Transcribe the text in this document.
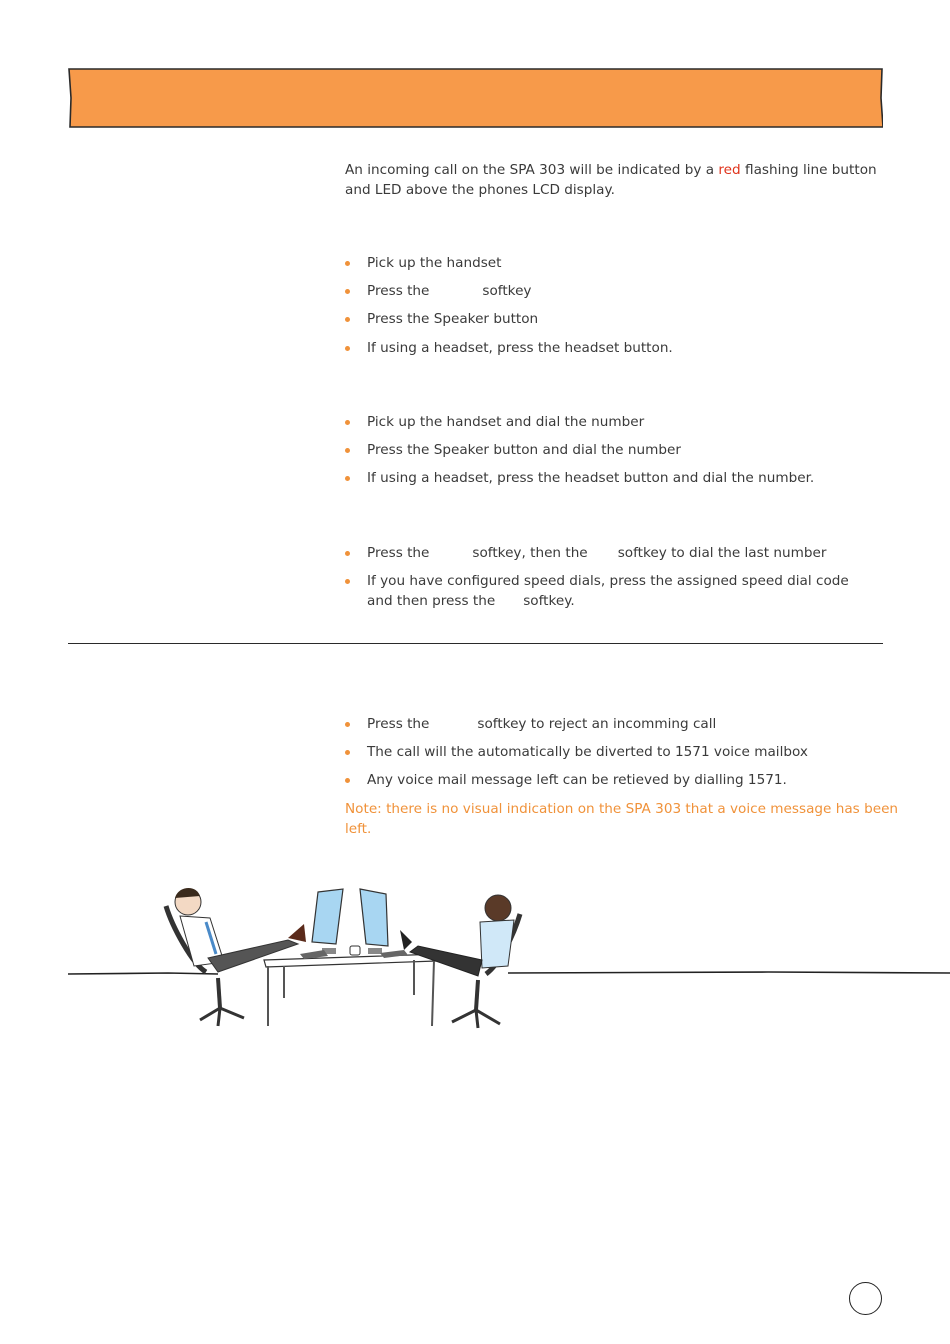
An incoming call on the SPA 303 will be indicated by a red flashing line button and LED above the phones LCD display.

Pick up the handset
Press the	softkey
Press the Speaker button
If using a headset, press the headset button.
Pick up the handset and dial the number
Press the Speaker button and dial the number
If using a headset, press the headset button and dial the number.
Press the	softkey, then the softkey to dial the last number
If you have configured speed dials, press the assigned speed dial code
and then press the softkey.
Press the	softkey to reject an incomming call
The call will the automatically be diverted to 1571 voice mailbox
Any voice mail message left can be retieved by dialling 1571.

Note: there is no visual indication on the SPA 303 that a voice message has been left.
